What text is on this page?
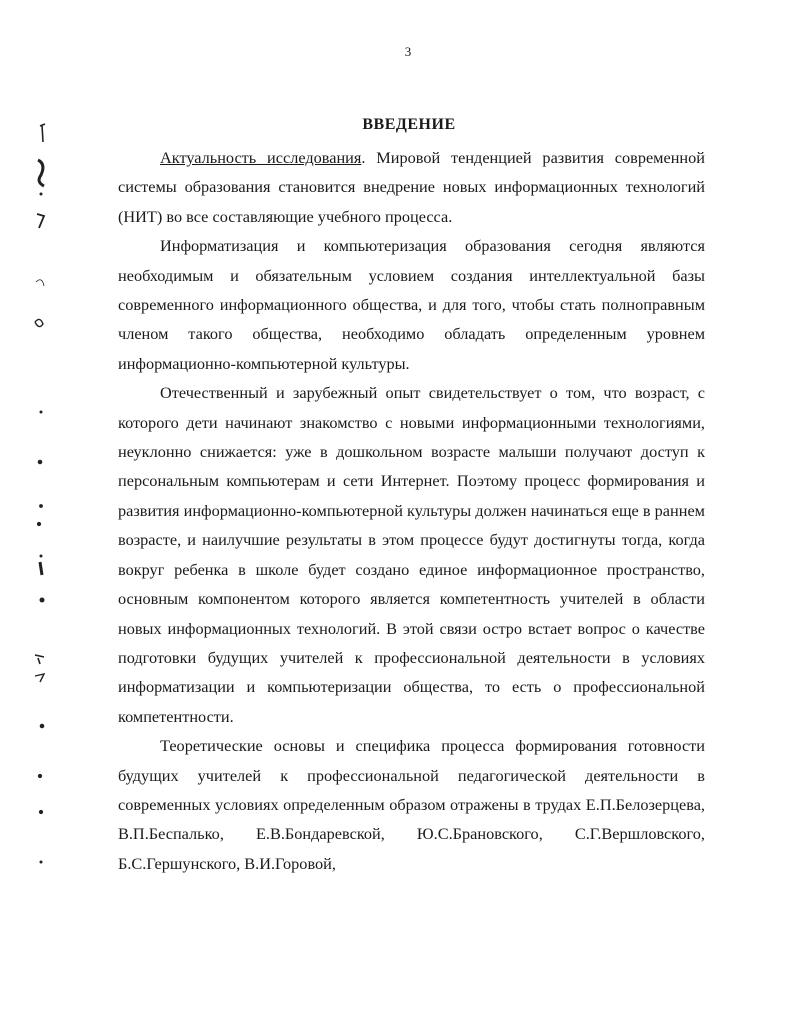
3
ВВЕДЕНИЕ

Актуальность исследования. Мировой тенденцией развития современной системы образования становится внедрение новых информационных технологий (НИТ) во все составляющие учебного процесса.

Информатизация и компьютеризация образования сегодня являются необходимым и обязательным условием создания интеллектуальной базы современного информационного общества, и для того, чтобы стать полноправным членом такого общества, необходимо обладать определенным уровнем информационно-компьютерной культуры.

Отечественный и зарубежный опыт свидетельствует о том, что возраст, с которого дети начинают знакомство с новыми информационными технологиями, неуклонно снижается: уже в дошкольном возрасте малыши получают доступ к персональным компьютерам и сети Интернет. Поэтому процесс формирования и развития информационно-компьютерной культуры должен начинаться еще в раннем возрасте, и наилучшие результаты в этом процессе будут достигнуты тогда, когда вокруг ребенка в школе будет создано единое информационное пространство, основным компонентом которого является компетентность учителей в области новых информационных технологий. В этой связи остро встает вопрос о качестве подготовки будущих учителей к профессиональной деятельности в условиях информатизации и компьютеризации общества, то есть о профессиональной компетентности.

Теоретические основы и специфика процесса формирования готовности будущих учителей к профессиональной педагогической деятельности в современных условиях определенным образом отражены в трудах Е.П.Белозерцева, В.П.Беспалько, Е.В.Бондаревской, Ю.С.Брановского, С.Г.Вершловского, Б.С.Гершунского, В.И.Горовой,
